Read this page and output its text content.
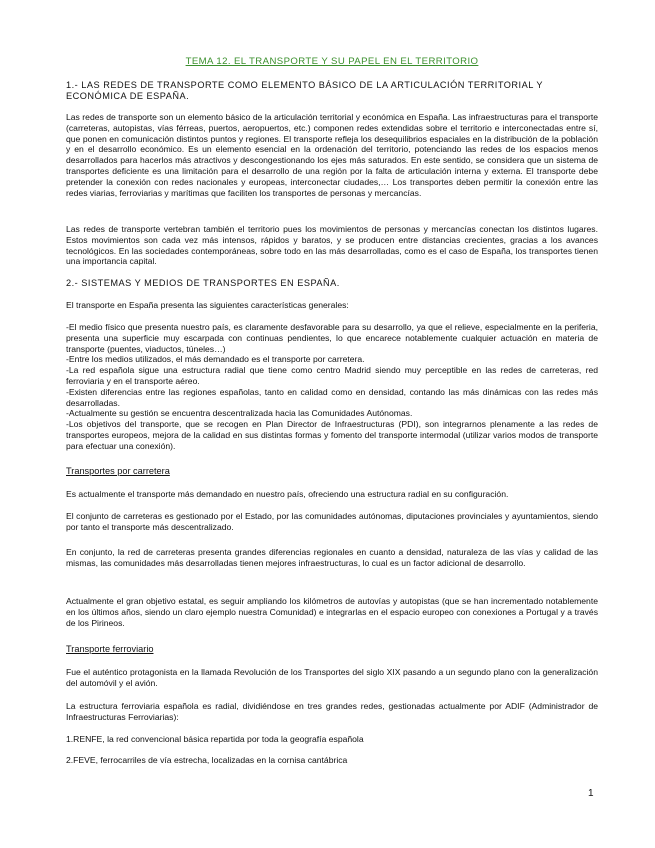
TEMA 12. EL TRANSPORTE Y SU PAPEL EN EL TERRITORIO
1.- LAS REDES DE TRANSPORTE COMO ELEMENTO BÁSICO DE LA ARTICULACIÓN TERRITORIAL Y ECONÓMICA DE ESPAÑA.
Las redes de transporte son un elemento básico de la articulación territorial y económica en España. Las infraestructuras para el transporte (carreteras, autopistas, vías férreas, puertos, aeropuertos, etc.) componen redes extendidas sobre el territorio e interconectadas entre sí, que ponen en comunicación distintos puntos y regiones. El transporte refleja los desequilibrios espaciales en la distribución de la población y en el desarrollo económico. Es un elemento esencial en la ordenación del territorio, potenciando las redes de los espacios menos desarrollados para hacerlos más atractivos y descongestionando los ejes más saturados. En este sentido, se considera que un sistema de transportes deficiente es una limitación para el desarrollo de una región por la falta de articulación interna y externa. El transporte debe pretender la conexión con redes nacionales y europeas, interconectar ciudades,… Los transportes deben permitir la conexión entre las redes viarias, ferroviarias y marítimas que faciliten los transportes de personas y mercancías.
Las redes de transporte vertebran también el territorio pues los movimientos de personas y mercancías conectan los distintos lugares. Estos movimientos son cada vez más intensos, rápidos y baratos, y se producen entre distancias crecientes, gracias a los avances tecnológicos. En las sociedades contemporáneas, sobre todo en las más desarrolladas, como es el caso de España, los transportes tienen una importancia capital.
2.- SISTEMAS Y MEDIOS DE TRANSPORTES EN ESPAÑA.
El transporte en España presenta las siguientes características generales:
-El medio físico que presenta nuestro país, es claramente desfavorable para su desarrollo, ya que el relieve, especialmente en la periferia, presenta una superficie muy escarpada con continuas pendientes, lo que encarece notablemente cualquier actuación en materia de transporte (puentes, viaductos, túneles…)
-Entre los medios utilizados, el más demandado es el transporte por carretera.
-La red española sigue una estructura radial que tiene como centro Madrid siendo muy perceptible en las redes de carreteras, red ferroviaria y en el transporte aéreo.
-Existen diferencias entre las regiones españolas, tanto en calidad como en densidad, contando las más dinámicas con las redes más desarrolladas.
-Actualmente su gestión se encuentra descentralizada hacia las Comunidades Autónomas.
-Los objetivos del transporte, que se recogen en Plan Director de Infraestructuras (PDI), son integrarnos plenamente a las redes de transportes europeos, mejora de la calidad en sus distintas formas y fomento del transporte intermodal (utilizar varios modos de transporte para efectuar una conexión).
Transportes por carretera
Es actualmente el transporte más demandado en nuestro país, ofreciendo una estructura radial en su configuración.
El conjunto de carreteras es gestionado por el Estado, por las comunidades autónomas, diputaciones provinciales y ayuntamientos, siendo por tanto el transporte más descentralizado.
En conjunto, la red de carreteras presenta grandes diferencias regionales en cuanto a densidad, naturaleza de las vías y calidad de las mismas, las comunidades más desarrolladas tienen mejores infraestructuras, lo cual es un factor adicional de desarrollo.
Actualmente el gran objetivo estatal, es seguir ampliando los kilómetros de autovías y autopistas (que se han incrementado notablemente en los últimos años, siendo un claro ejemplo nuestra Comunidad) e integrarlas en el espacio europeo con conexiones a Portugal y a través de los Pirineos.
Transporte ferroviario
Fue el auténtico protagonista en la llamada Revolución de los Transportes del siglo XIX pasando a un segundo plano con la generalización del automóvil y el avión.
La estructura ferroviaria española es radial, dividiéndose en tres grandes redes, gestionadas actualmente por ADIF (Administrador de Infraestructuras Ferroviarias):
1.RENFE, la red convencional básica repartida por toda la geografía española
2.FEVE, ferrocarriles de vía estrecha, localizadas en la cornisa cantábrica
1
